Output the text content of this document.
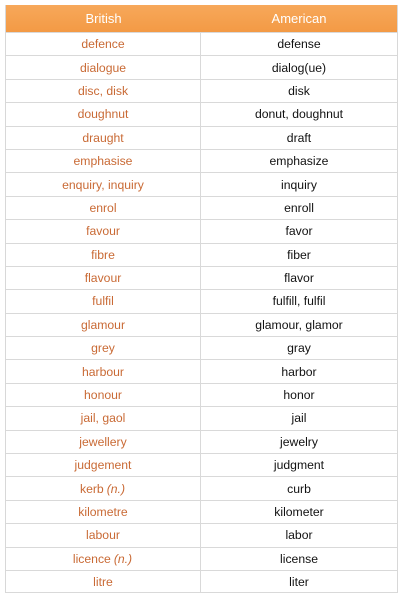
British	American
defence	defense
dialogue	dialog(ue)
disc, disk	disk
doughnut	donut, doughnut
draught	draft
emphasise	emphasize
enquiry, inquiry	inquiry
enrol	enroll
favour	favor
fibre	fiber
flavour	flavor
fulfil	fulfill, fulfil
glamour	glamour, glamor
grey	gray
harbour	harbor
honour	honor
jail, gaol	jail
jewellery	jewelry
judgement	judgment
kerb (n.)	curb
kilometre	kilometer
labour	labor
licence (n.)	license
litre	liter
